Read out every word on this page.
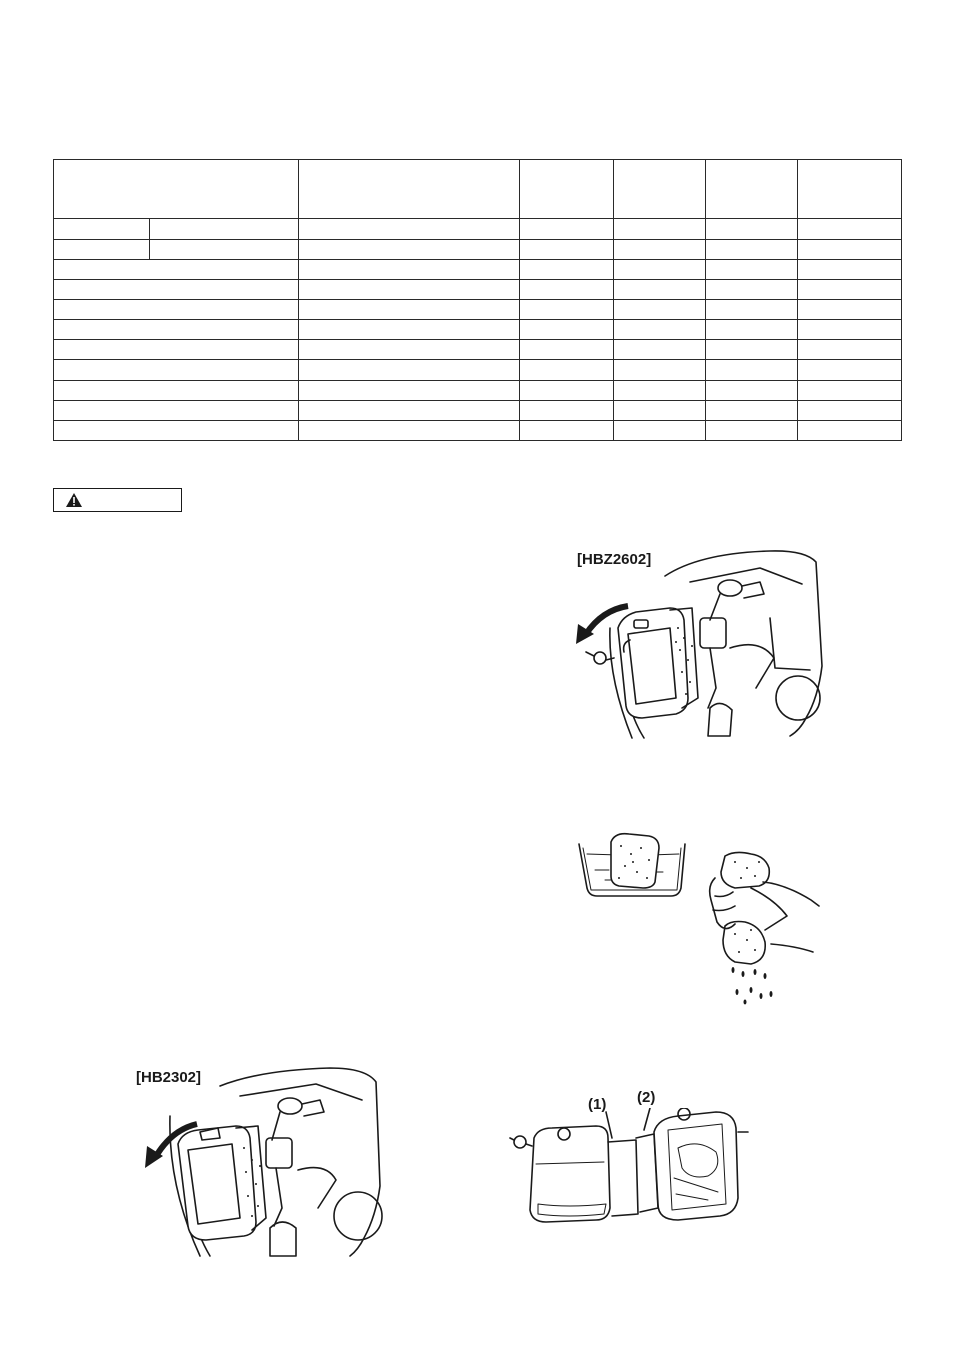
[HBZ2602]
[HB2302]
(1) (2)
